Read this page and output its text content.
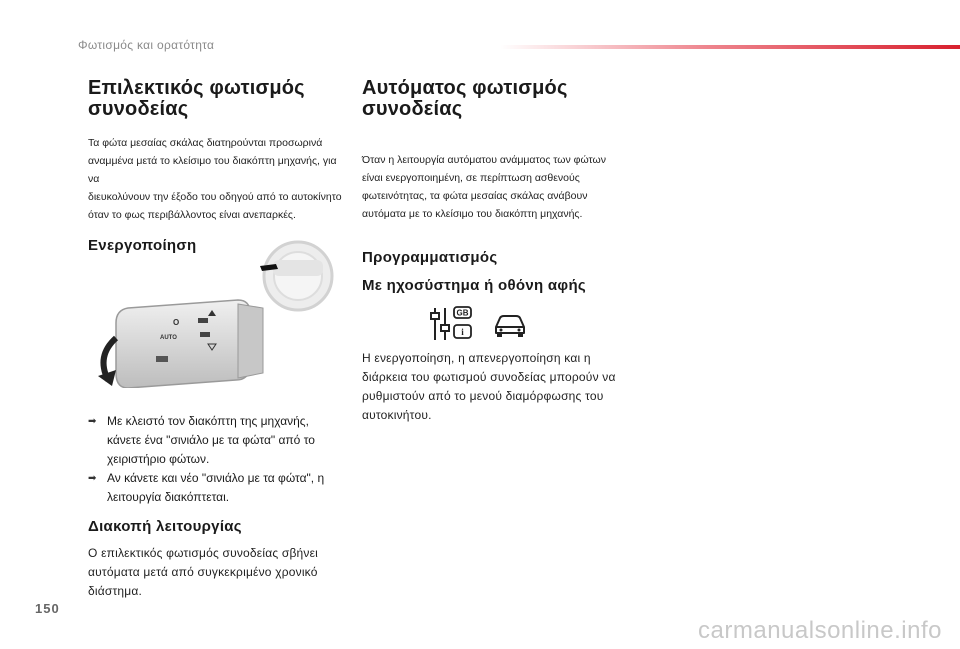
Φωτισμός και ορατότητα
Επιλεκτικός φωτισμός
συνοδείας
Τα φώτα μεσαίας σκάλας διατηρούνται προσωρινά
αναμμένα μετά το κλείσιμο του διακόπτη μηχανής, για να
διευκολύνουν την έξοδο του οδηγού από το αυτοκίνητο
όταν το φως περιβάλλοντος είναι ανεπαρκές.
Ενεργοποίηση
O
AUTO
➡ Με κλειστό τον διακόπτη της μηχανής,
κάνετε ένα "σινιάλο με τα φώτα" από το
χειριστήριο φώτων.
➡ Αν κάνετε και νέο "σινιάλο με τα φώτα", η
λειτουργία διακόπτεται.
Διακοπή λειτουργίας
Ο επιλεκτικός φωτισμός συνοδείας σβήνει
αυτόματα μετά από συγκεκριμένο χρονικό
διάστημα.
Αυτόματος φωτισμός
συνοδείας
Όταν η λειτουργία αυτόματου ανάμματος των φώτων
είναι ενεργοποιημένη, σε περίπτωση ασθενούς
φωτεινότητας, τα φώτα μεσαίας σκάλας ανάβουν
αυτόματα με το κλείσιμο του διακόπτη μηχανής.
Προγραμματισμός
Με ηχοσύστημα ή οθόνη αφής
GB
i
Η ενεργοποίηση, η απενεργοποίηση και η
διάρκεια του φωτισμού συνοδείας μπορούν να
ρυθμιστούν από το μενού διαμόρφωσης του
αυτοκινήτου.
150
carmanualsonline.info
